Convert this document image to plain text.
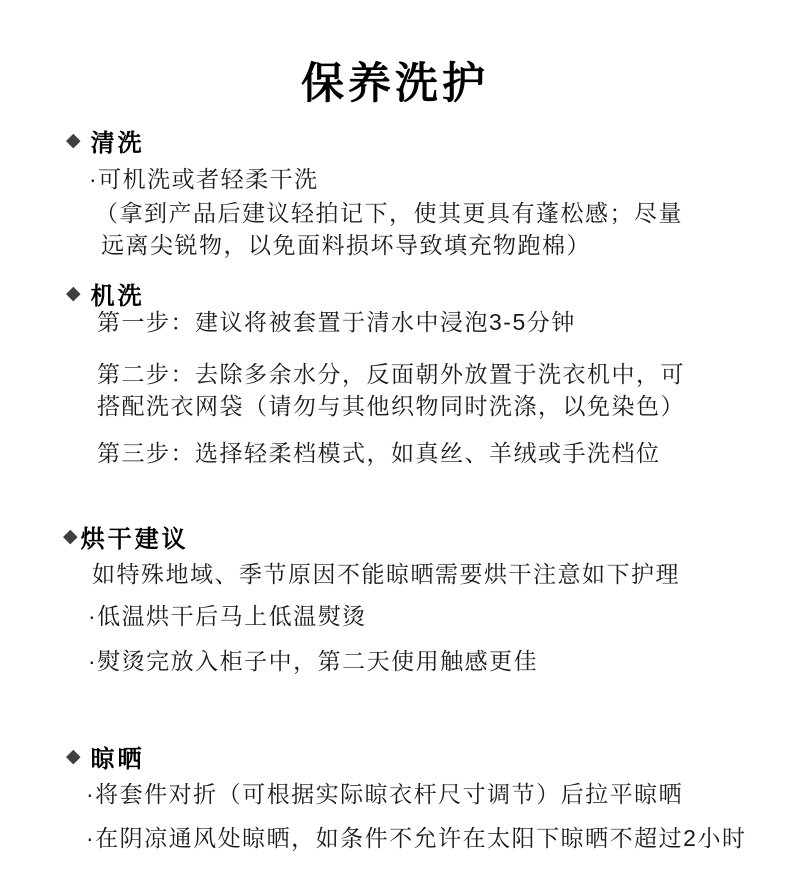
保养洗护
◆ 清洗
·可机洗或者轻柔干洗
（拿到产品后建议轻拍记下，使其更具有蓬松感；尽量
远离尖锐物，以免面料损坏导致填充物跑棉）
◆ 机洗
第一步：建议将被套置于清水中浸泡3-5分钟
第二步：去除多余水分，反面朝外放置于洗衣机中，可
搭配洗衣网袋（请勿与其他织物同时洗涤，以免染色）
第三步：选择轻柔档模式，如真丝、羊绒或手洗档位
◆ 烘干建议
如特殊地域、季节原因不能晾晒需要烘干注意如下护理
·低温烘干后马上低温熨烫
·熨烫完放入柜子中，第二天使用触感更佳
◆ 晾晒
·将套件对折（可根据实际晾衣杆尺寸调节）后拉平晾晒
·在阴凉通风处晾晒，如条件不允许在太阳下晾晒不超过2小时
